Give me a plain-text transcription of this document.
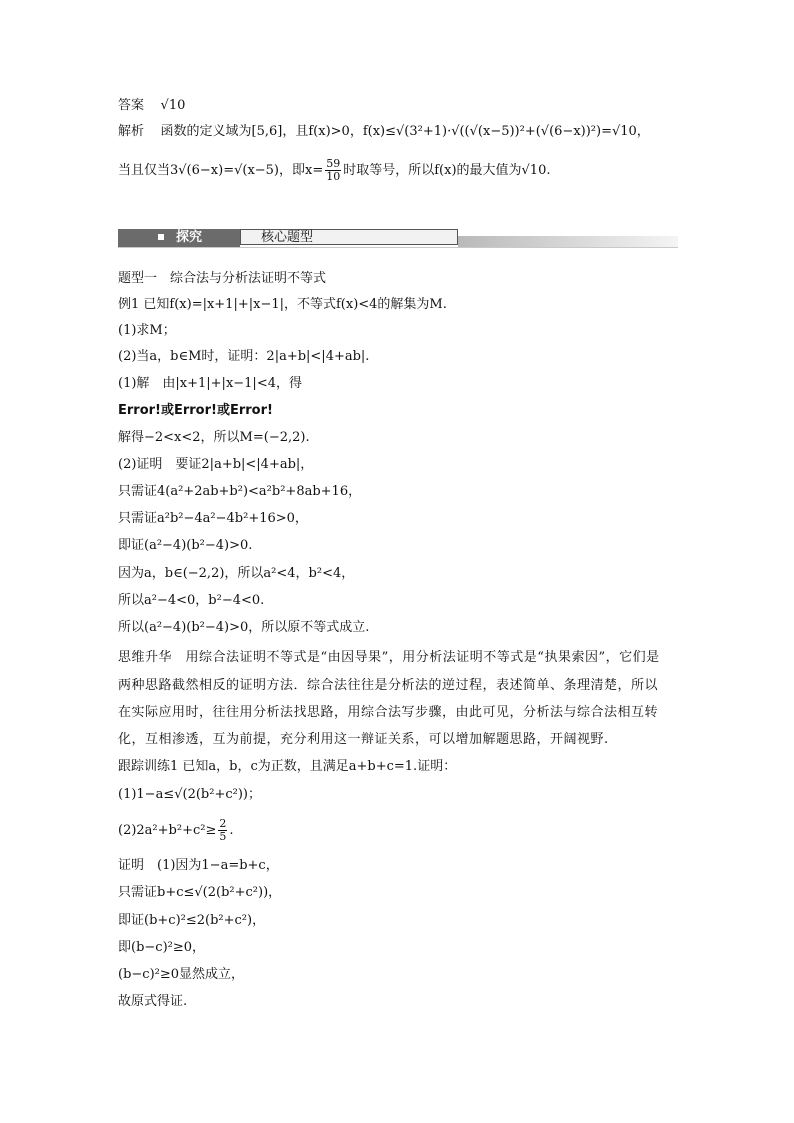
答案 √10
解析 函数的定义域为[5,6]，且f(x)>0，f(x)≤√(3²+1)·√((√(x−5))²+(√(6−x))²)=√10，
当且仅当3√(6−x)=√(x−5)，即$x= \frac{59}{10}$ 时取等号，所以f(x)的最大值为√10.
探究	核心题型
题型一　综合法与分析法证明不等式
例1 已知f(x)=|x+1|+|x−1|，不等式f(x)<4的解集为M.
(1)求M；
(2)当a，b∈M时，证明：2|a+b|<|4+ab|.
(1)解　由|x+1|+|x−1|<4，得
Error!或Error!或Error!
解得−2<x<2，所以M=(−2,2).
(2)证明　要证2|a+b|<|4+ab|，
只需证4(a²+2ab+b²)<a²b²+8ab+16，
只需证a²b²−4a²−4b²+16>0，
即证(a²−4)(b²−4)>0.
因为a，b∈(−2,2)，所以a²<4，b²<4，
所以a²−4<0，b²−4<0.
所以(a²−4)(b²−4)>0，所以原不等式成立.
思维升华　用综合法证明不等式是“由因导果”，用分析法证明不等式是“执果索因”，它们是
两种思路截然相反的证明方法．综合法往往是分析法的逆过程，表述简单、条理清楚，所以
在实际应用时，往往用分析法找思路，用综合法写步骤，由此可见，分析法与综合法相互转
化，互相渗透，互为前提，充分利用这一辩证关系，可以增加解题思路，开阔视野.
跟踪训练1 已知a，b，c为正数，且满足a+b+c=1.证明：
(1)1−a≤√(2(b²+c²))；
$(2)2a^2+b^2+c^2\ge \frac{2}{5}$ .
证明　(1)因为1−a=b+c，
只需证b+c≤√(2(b²+c²))，
即证(b+c)²≤2(b²+c²)，
即(b−c)²≥0，
(b−c)²≥0显然成立，
故原式得证.
